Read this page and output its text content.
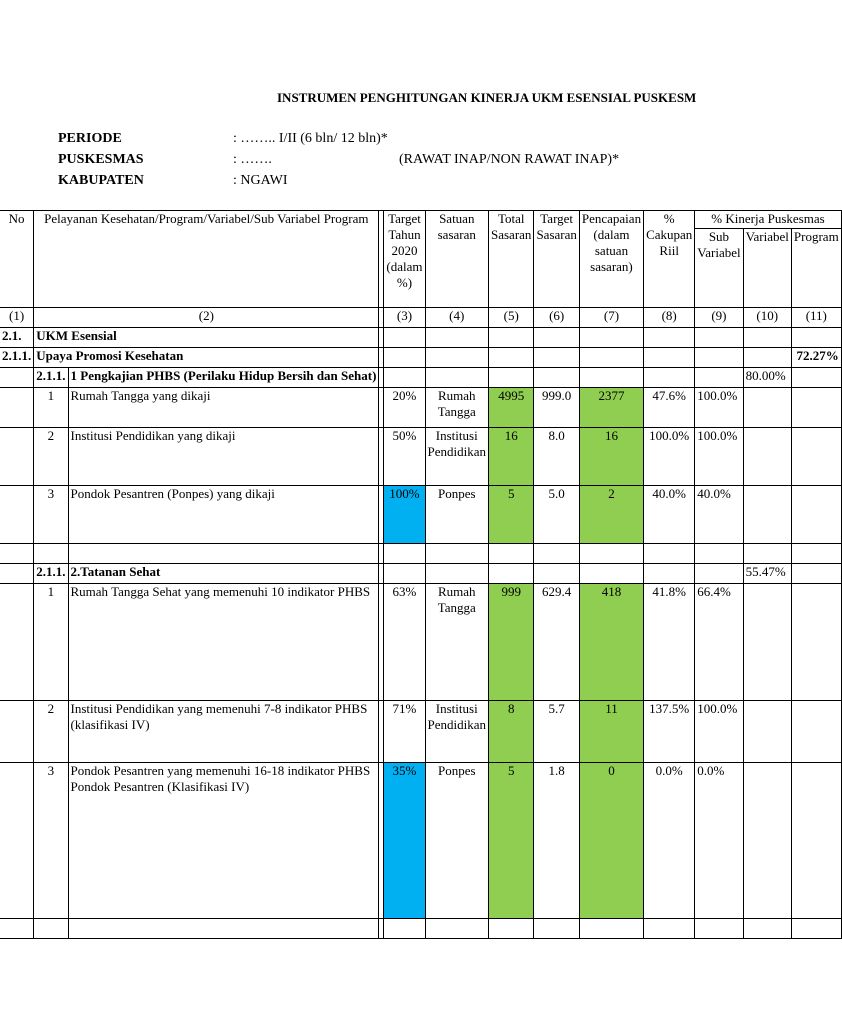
INSTRUMEN PENGHITUNGAN KINERJA UKM ESENSIAL PUSKESM
PERIODE	: …….. I/II (6 bln/ 12 bln)*
PUSKESMAS	: …….	(RAWAT INAP/NON RAWAT INAP)*
KABUPATEN	: NGAWI
No	Pelayanan Kesehatan/Program/Variabel/Sub Variabel Program			Target Tahun 2020 (dalam %)	Satuan sasaran	Total Sasaran	Target Sasaran	Pencapaian (dalam satuan sasaran)	% Cakupan Riil	% Kinerja Puskesmas		
										Sub Variabel	Variabel	Program
(1)	(2)			(3)	(4)	(5)	(6)	(7)	(8)	(9)	(10)	(11)
2.1.	UKM Esensial											
2.1.1.	Upaya Promosi Kesehatan											72.27%
	2.1.1.	1 Pengkajian PHBS (Perilaku Hidup Bersih dan Sehat)									80.00%	
	1	Rumah Tangga yang dikaji		20%	Rumah Tangga	4995	999.0	2377	47.6%	100.0%		
	2	Institusi Pendidikan yang dikaji		50%	Institusi Pendidikan	16	8.0	16	100.0%	100.0%		
	3	Pondok Pesantren (Ponpes) yang dikaji		100%	Ponpes	5	5.0	2	40.0%	40.0%		

	2.1.1.	2.Tatanan Sehat									55.47%	
	1	Rumah Tangga Sehat yang memenuhi 10 indikator PHBS		63%	Rumah Tangga	999	629.4	418	41.8%	66.4%		
	2	Institusi Pendidikan yang memenuhi 7-8 indikator PHBS (klasifikasi IV)		71%	Institusi Pendidikan	8	5.7	11	137.5%	100.0%		
	3	Pondok Pesantren yang memenuhi 16-18 indikator PHBS Pondok Pesantren (Klasifikasi IV)		35%	Ponpes	5	1.8	0	0.0%	0.0%		
